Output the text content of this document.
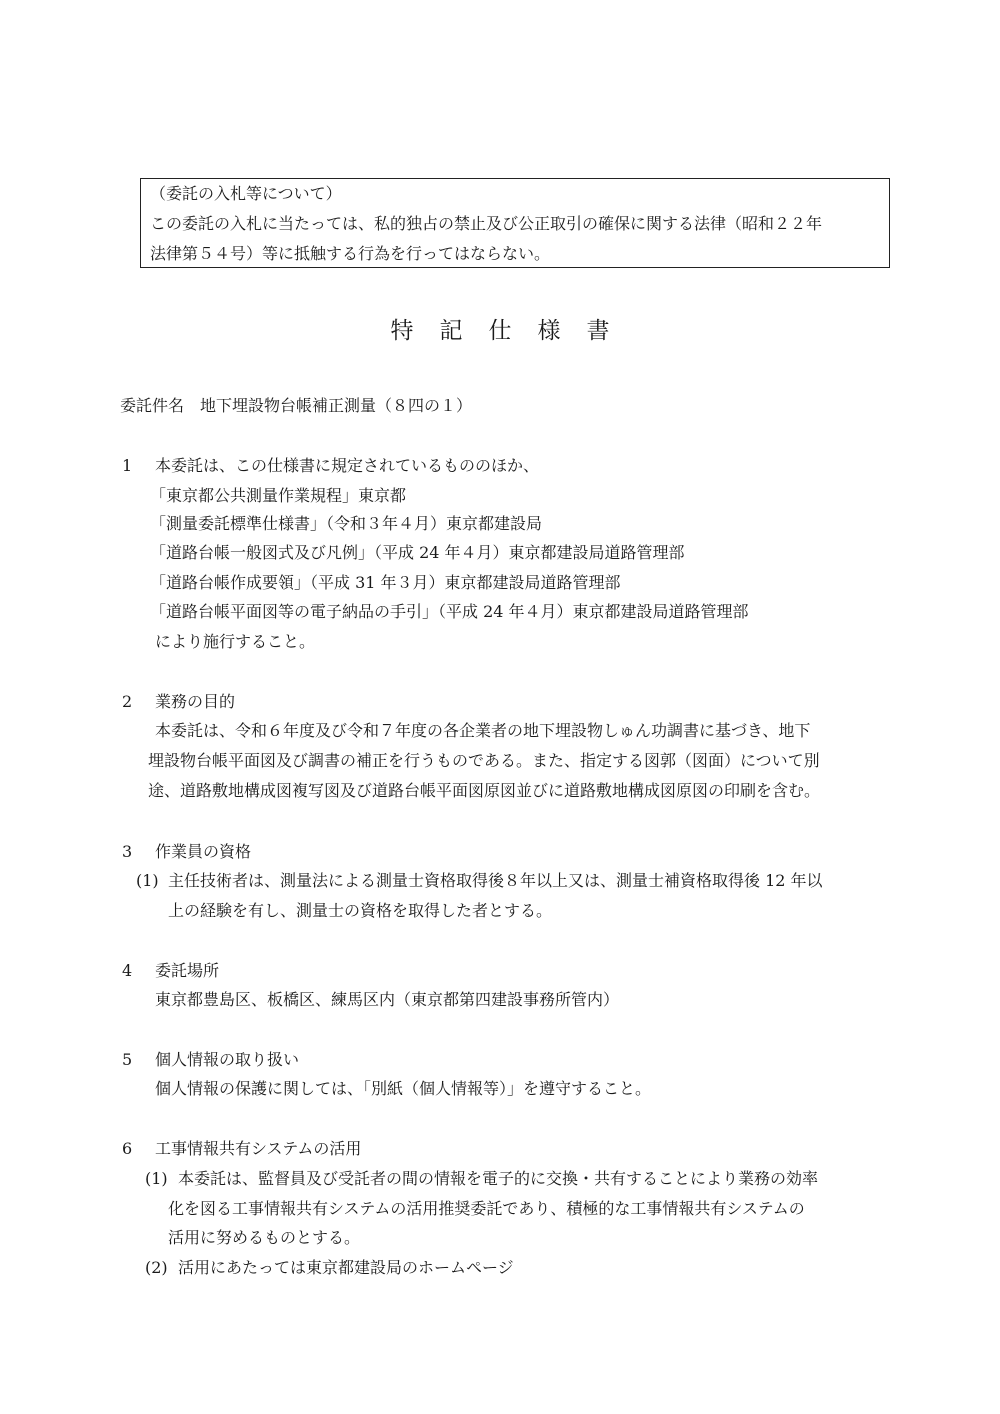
（委託の入札等について）
この委託の入札に当たっては、私的独占の禁止及び公正取引の確保に関する法律（昭和２２年
法律第５４号）等に抵触する行為を行ってはならない。
特記仕様書
委託件名　地下埋設物台帳補正測量（８四の１）
1 本委託は、この仕様書に規定されているもののほか、
「東京都公共測量作業規程」東京都
「測量委託標準仕様書」（令和３年４月）東京都建設局
「道路台帳一般図式及び凡例」（平成 24 年４月）東京都建設局道路管理部
「道路台帳作成要領」（平成 31 年３月）東京都建設局道路管理部
「道路台帳平面図等の電子納品の手引」（平成 24 年４月）東京都建設局道路管理部
により施行すること。
2 業務の目的
本委託は、令和６年度及び令和７年度の各企業者の地下埋設物しゅん功調書に基づき、地下
埋設物台帳平面図及び調書の補正を行うものである。また、指定する図郭（図面）について別
途、道路敷地構成図複写図及び道路台帳平面図原図並びに道路敷地構成図原図の印刷を含む。
3 作業員の資格
(1) 主任技術者は、測量法による測量士資格取得後８年以上又は、測量士補資格取得後 12 年以
上の経験を有し、測量士の資格を取得した者とする。
4 委託場所
東京都豊島区、板橋区、練馬区内（東京都第四建設事務所管内）
5 個人情報の取り扱い
個人情報の保護に関しては、「別紙（個人情報等）」を遵守すること。
6 工事情報共有システムの活用
(1) 本委託は、監督員及び受託者の間の情報を電子的に交換・共有することにより業務の効率
化を図る工事情報共有システムの活用推奨委託であり、積極的な工事情報共有システムの
活用に努めるものとする。
(2) 活用にあたっては東京都建設局のホームページ
